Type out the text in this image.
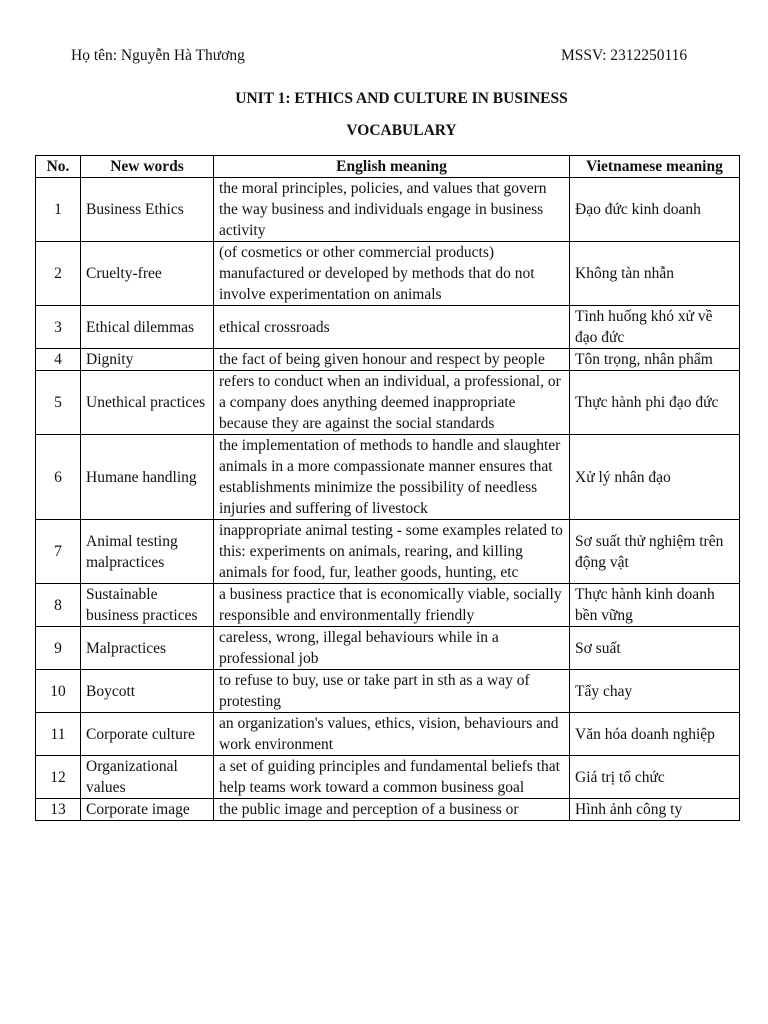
Họ tên: Nguyễn Hà Thương	MSSV: 2312250116
UNIT 1: ETHICS AND CULTURE IN BUSINESS
VOCABULARY
No.	New words	English meaning	Vietnamese meaning
1	Business Ethics	the moral principles, policies, and values that govern the way business and individuals engage in business activity	Đạo đức kinh doanh
2	Cruelty-free	(of cosmetics or other commercial products) manufactured or developed by methods that do not involve experimentation on animals	Không tàn nhẫn
3	Ethical dilemmas	ethical crossroads	Tình huống khó xử về đạo đức
4	Dignity	the fact of being given honour and respect by people	Tôn trọng, nhân phẩm
5	Unethical practices	refers to conduct when an individual, a professional, or a company does anything deemed inappropriate because they are against the social standards	Thực hành phi đạo đức
6	Humane handling	the implementation of methods to handle and slaughter animals in a more compassionate manner ensures that establishments minimize the possibility of needless injuries and suffering of livestock	Xử lý nhân đạo
7	Animal testing malpractices	inappropriate animal testing - some examples related to this: experiments on animals, rearing, and killing animals for food, fur, leather goods, hunting, etc	Sơ suất thử nghiệm trên động vật
8	Sustainable business practices	a business practice that is economically viable, socially responsible and environmentally friendly	Thực hành kinh doanh bền vững
9	Malpractices	careless, wrong, illegal behaviours while in a professional job	Sơ suất
10	Boycott	to refuse to buy, use or take part in sth as a way of protesting	Tẩy chay
11	Corporate culture	an organization's values, ethics, vision, behaviours and work environment	Văn hóa doanh nghiệp
12	Organizational values	a set of guiding principles and fundamental beliefs that help teams work toward a common business goal	Giá trị tổ chức
13	Corporate image	the public image and perception of a business or	Hình ảnh công ty
